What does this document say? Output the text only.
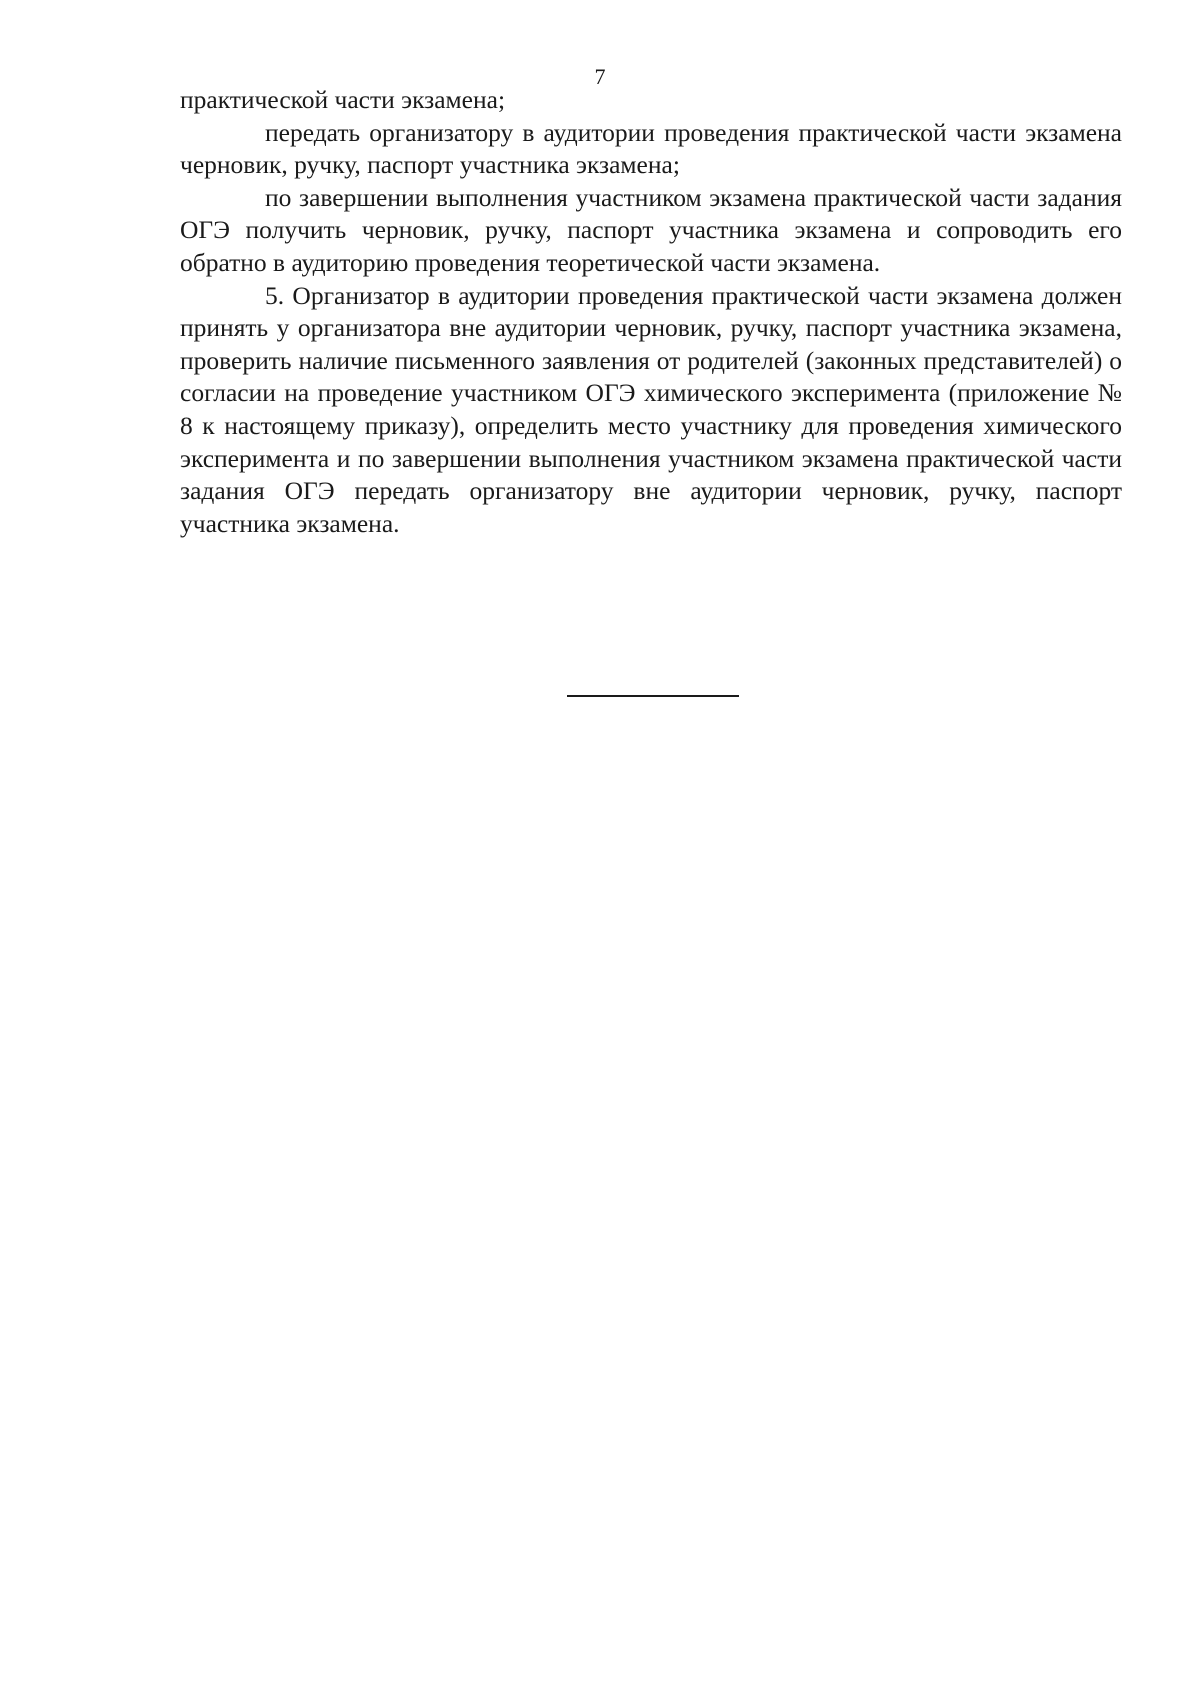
7

практической части экзамена;

передать организатору в аудитории проведения практической части экзамена черновик, ручку, паспорт участника экзамена;

по завершении выполнения участником экзамена практической части задания ОГЭ получить черновик, ручку, паспорт участника экзамена и сопроводить его обратно в аудиторию проведения теоретической части экзамена.

5. Организатор в аудитории проведения практической части экзамена должен принять у организатора вне аудитории черновик, ручку, паспорт участника экзамена, проверить наличие письменного заявления от родителей (законных представителей) о согласии на проведение участником ОГЭ химического эксперимента (приложение № 8 к настоящему приказу), определить место участнику для проведения химического эксперимента и по завершении выполнения участником экзамена практической части задания ОГЭ передать организатору вне аудитории черновик, ручку, паспорт участника экзамена.
